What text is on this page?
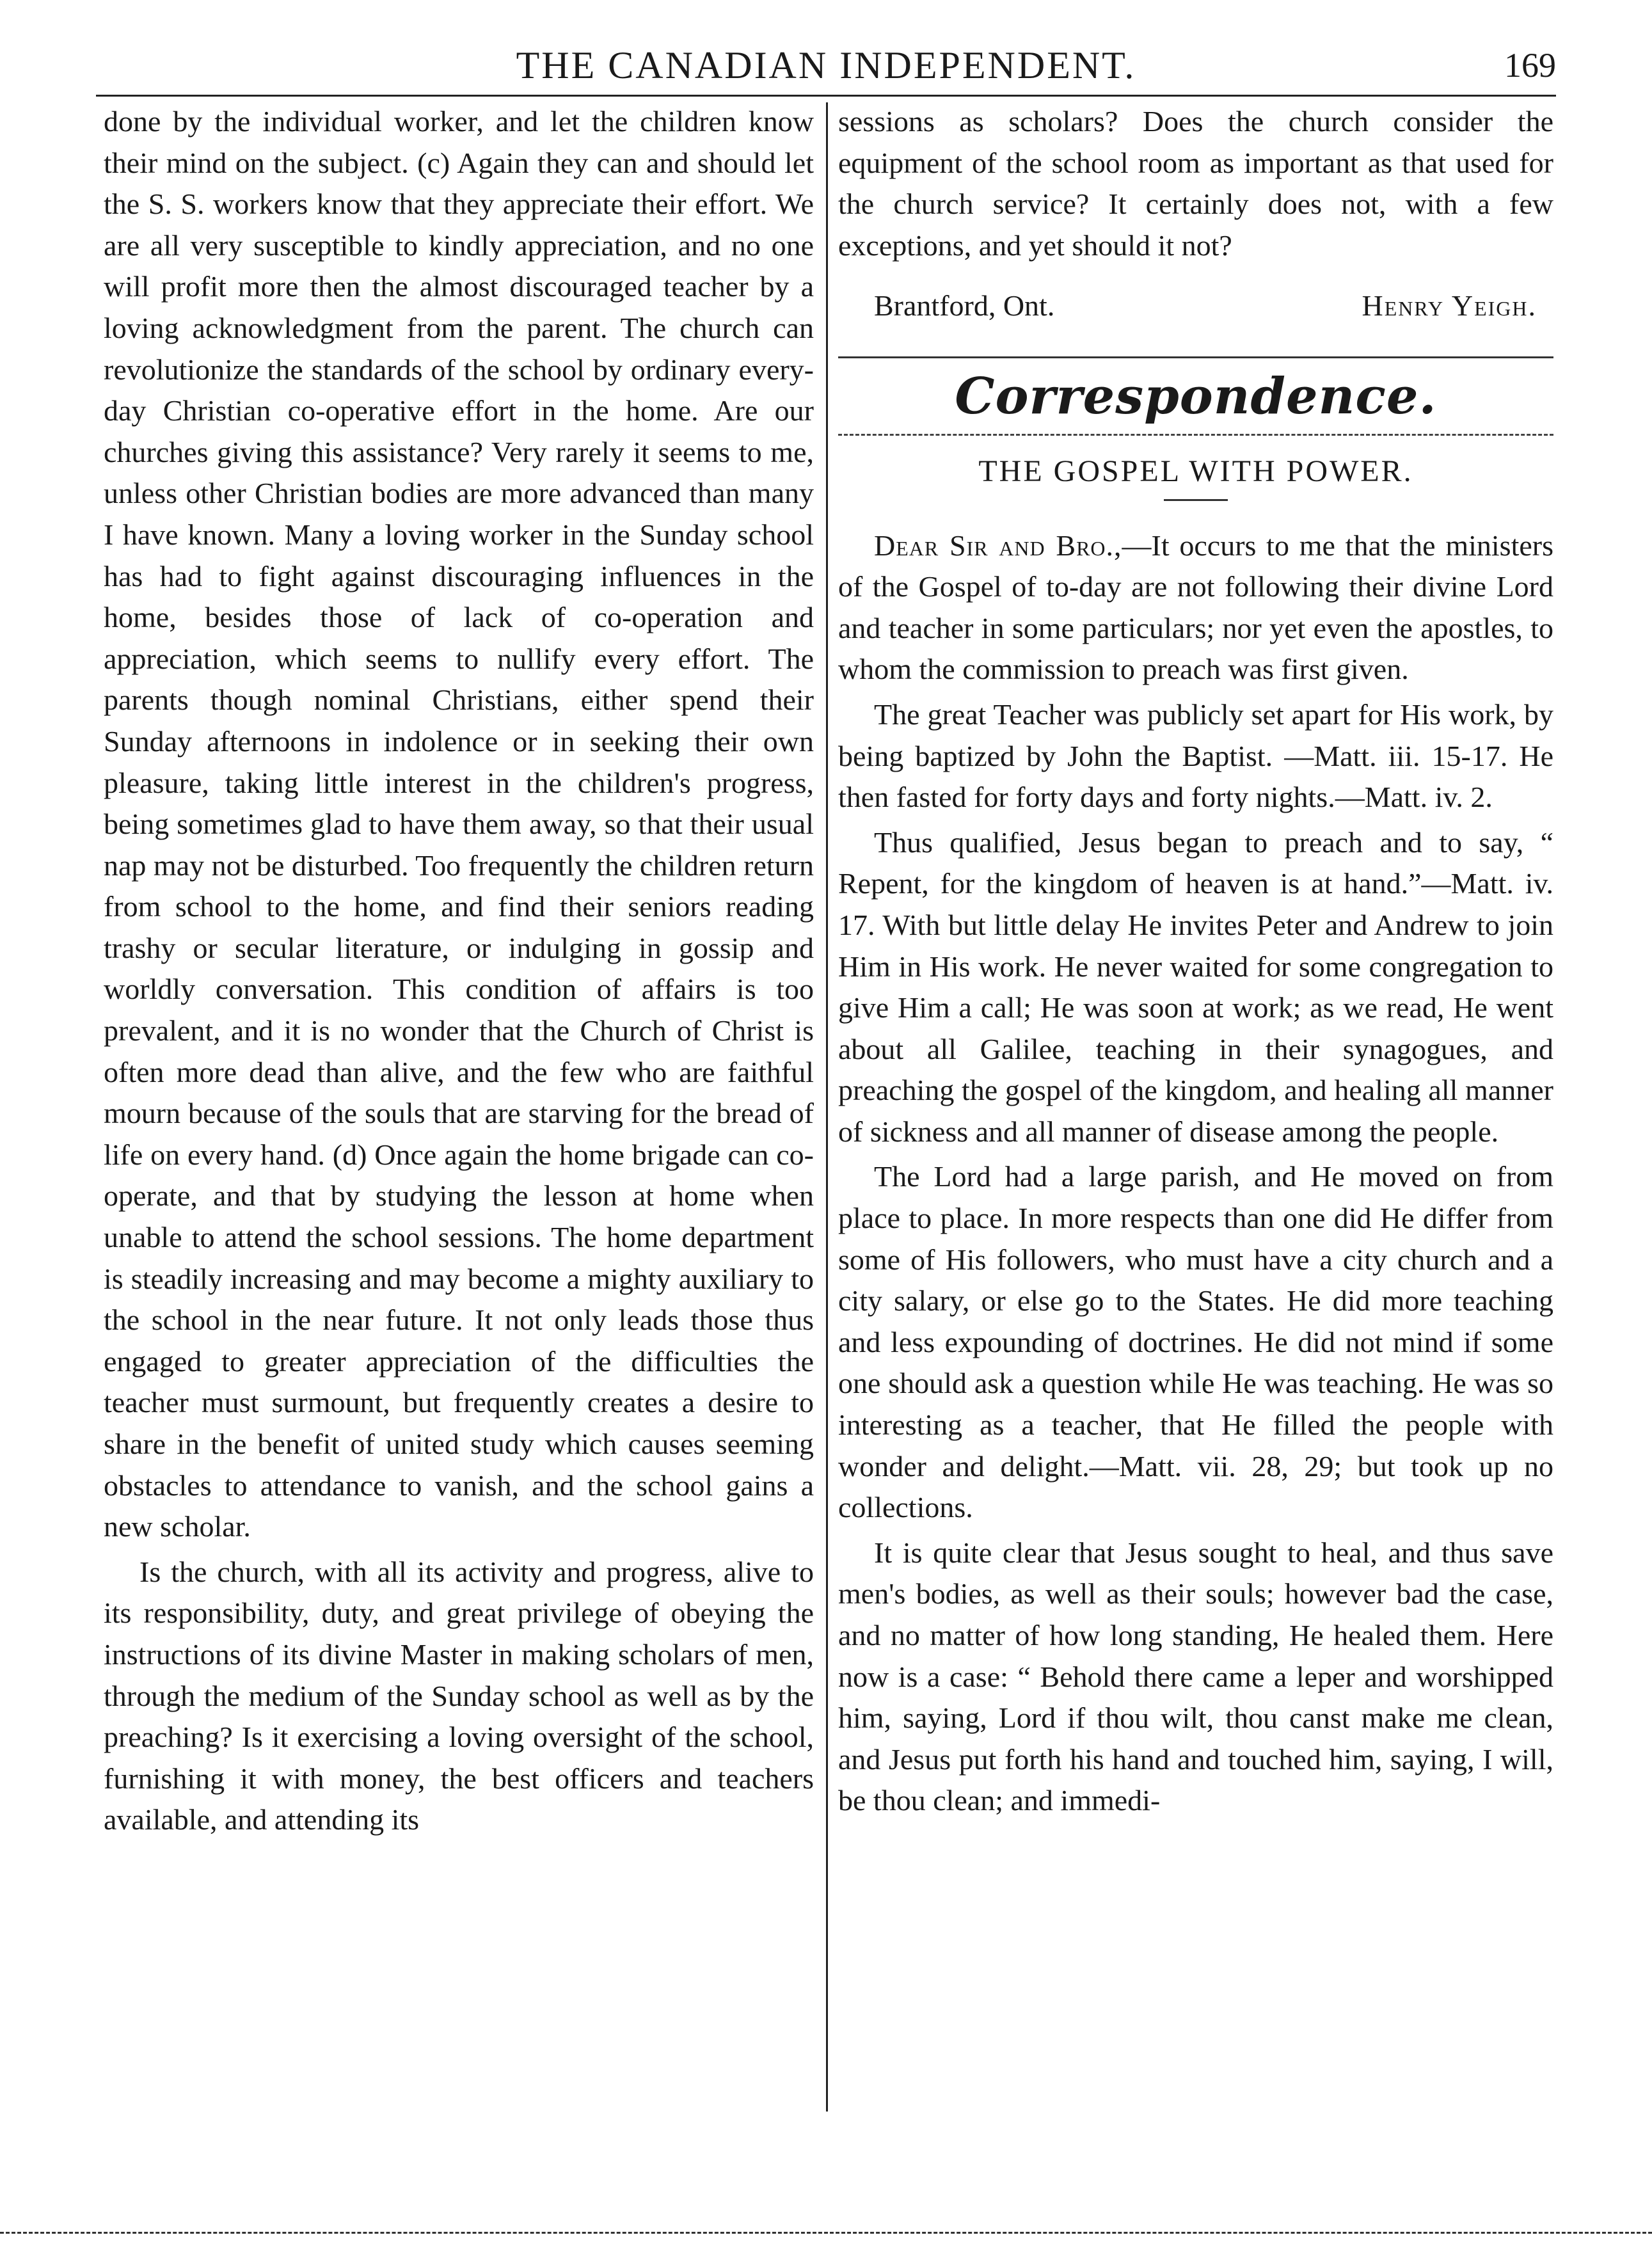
THE CANADIAN INDEPENDENT.	169

done by the individual worker, and let the children know their mind on the subject. (c) Again they can and should let the S. S. workers know that they appreciate their effort. We are all very susceptible to kindly appreciation, and no one will profit more then the almost discouraged teacher by a loving acknowledgment from the parent. The church can revolutionize the standards of the school by ordinary every-day Christian co-operative effort in the home. Are our churches giving this assistance? Very rarely it seems to me, unless other Christian bodies are more advanced than many I have known. Many a loving worker in the Sunday school has had to fight against discouraging influences in the home, besides those of lack of co-operation and appreciation, which seems to nullify every effort. The parents though nominal Christians, either spend their Sunday afternoons in indolence or in seeking their own pleasure, taking little interest in the children's progress, being sometimes glad to have them away, so that their usual nap may not be disturbed. Too frequently the children return from school to the home, and find their seniors reading trashy or secular literature, or indulging in gossip and worldly conversation. This condition of affairs is too prevalent, and it is no wonder that the Church of Christ is often more dead than alive, and the few who are faithful mourn because of the souls that are starving for the bread of life on every hand. (d) Once again the home brigade can co-operate, and that by studying the lesson at home when unable to attend the school sessions. The home department is steadily increasing and may become a mighty auxiliary to the school in the near future. It not only leads those thus engaged to greater appreciation of the difficulties the teacher must surmount, but frequently creates a desire to share in the benefit of united study which causes seeming obstacles to attendance to vanish, and the school gains a new scholar.

Is the church, with all its activity and progress, alive to its responsibility, duty, and great privilege of obeying the instructions of its divine Master in making scholars of men, through the medium of the Sunday school as well as by the preaching? Is it exercising a loving oversight of the school, furnishing it with money, the best officers and teachers available, and attending its

sessions as scholars? Does the church consider the equipment of the school room as important as that used for the church service? It certainly does not, with a few exceptions, and yet should it not?

Brantford, Ont.	Henry Yeigh.
Correspondence.
THE GOSPEL WITH POWER.

Dear Sir and Bro.,—It occurs to me that the ministers of the Gospel of to-day are not following their divine Lord and teacher in some particulars; nor yet even the apostles, to whom the commission to preach was first given.

The great Teacher was publicly set apart for His work, by being baptized by John the Baptist. —Matt. iii. 15-17. He then fasted for forty days and forty nights.—Matt. iv. 2.

Thus qualified, Jesus began to preach and to say, “ Repent, for the kingdom of heaven is at hand.”—Matt. iv. 17. With but little delay He invites Peter and Andrew to join Him in His work. He never waited for some congregation to give Him a call; He was soon at work; as we read, He went about all Galilee, teaching in their synagogues, and preaching the gospel of the kingdom, and healing all manner of sickness and all manner of disease among the people.

The Lord had a large parish, and He moved on from place to place. In more respects than one did He differ from some of His followers, who must have a city church and a city salary, or else go to the States. He did more teaching and less expounding of doctrines. He did not mind if some one should ask a question while He was teaching. He was so interesting as a teacher, that He filled the people with wonder and delight.—Matt. vii. 28, 29; but took up no collections.

It is quite clear that Jesus sought to heal, and thus save men's bodies, as well as their souls; however bad the case, and no matter of how long standing, He healed them. Here now is a case: “ Behold there came a leper and worshipped him, saying, Lord if thou wilt, thou canst make me clean, and Jesus put forth his hand and touched him, saying, I will, be thou clean; and immedi-
